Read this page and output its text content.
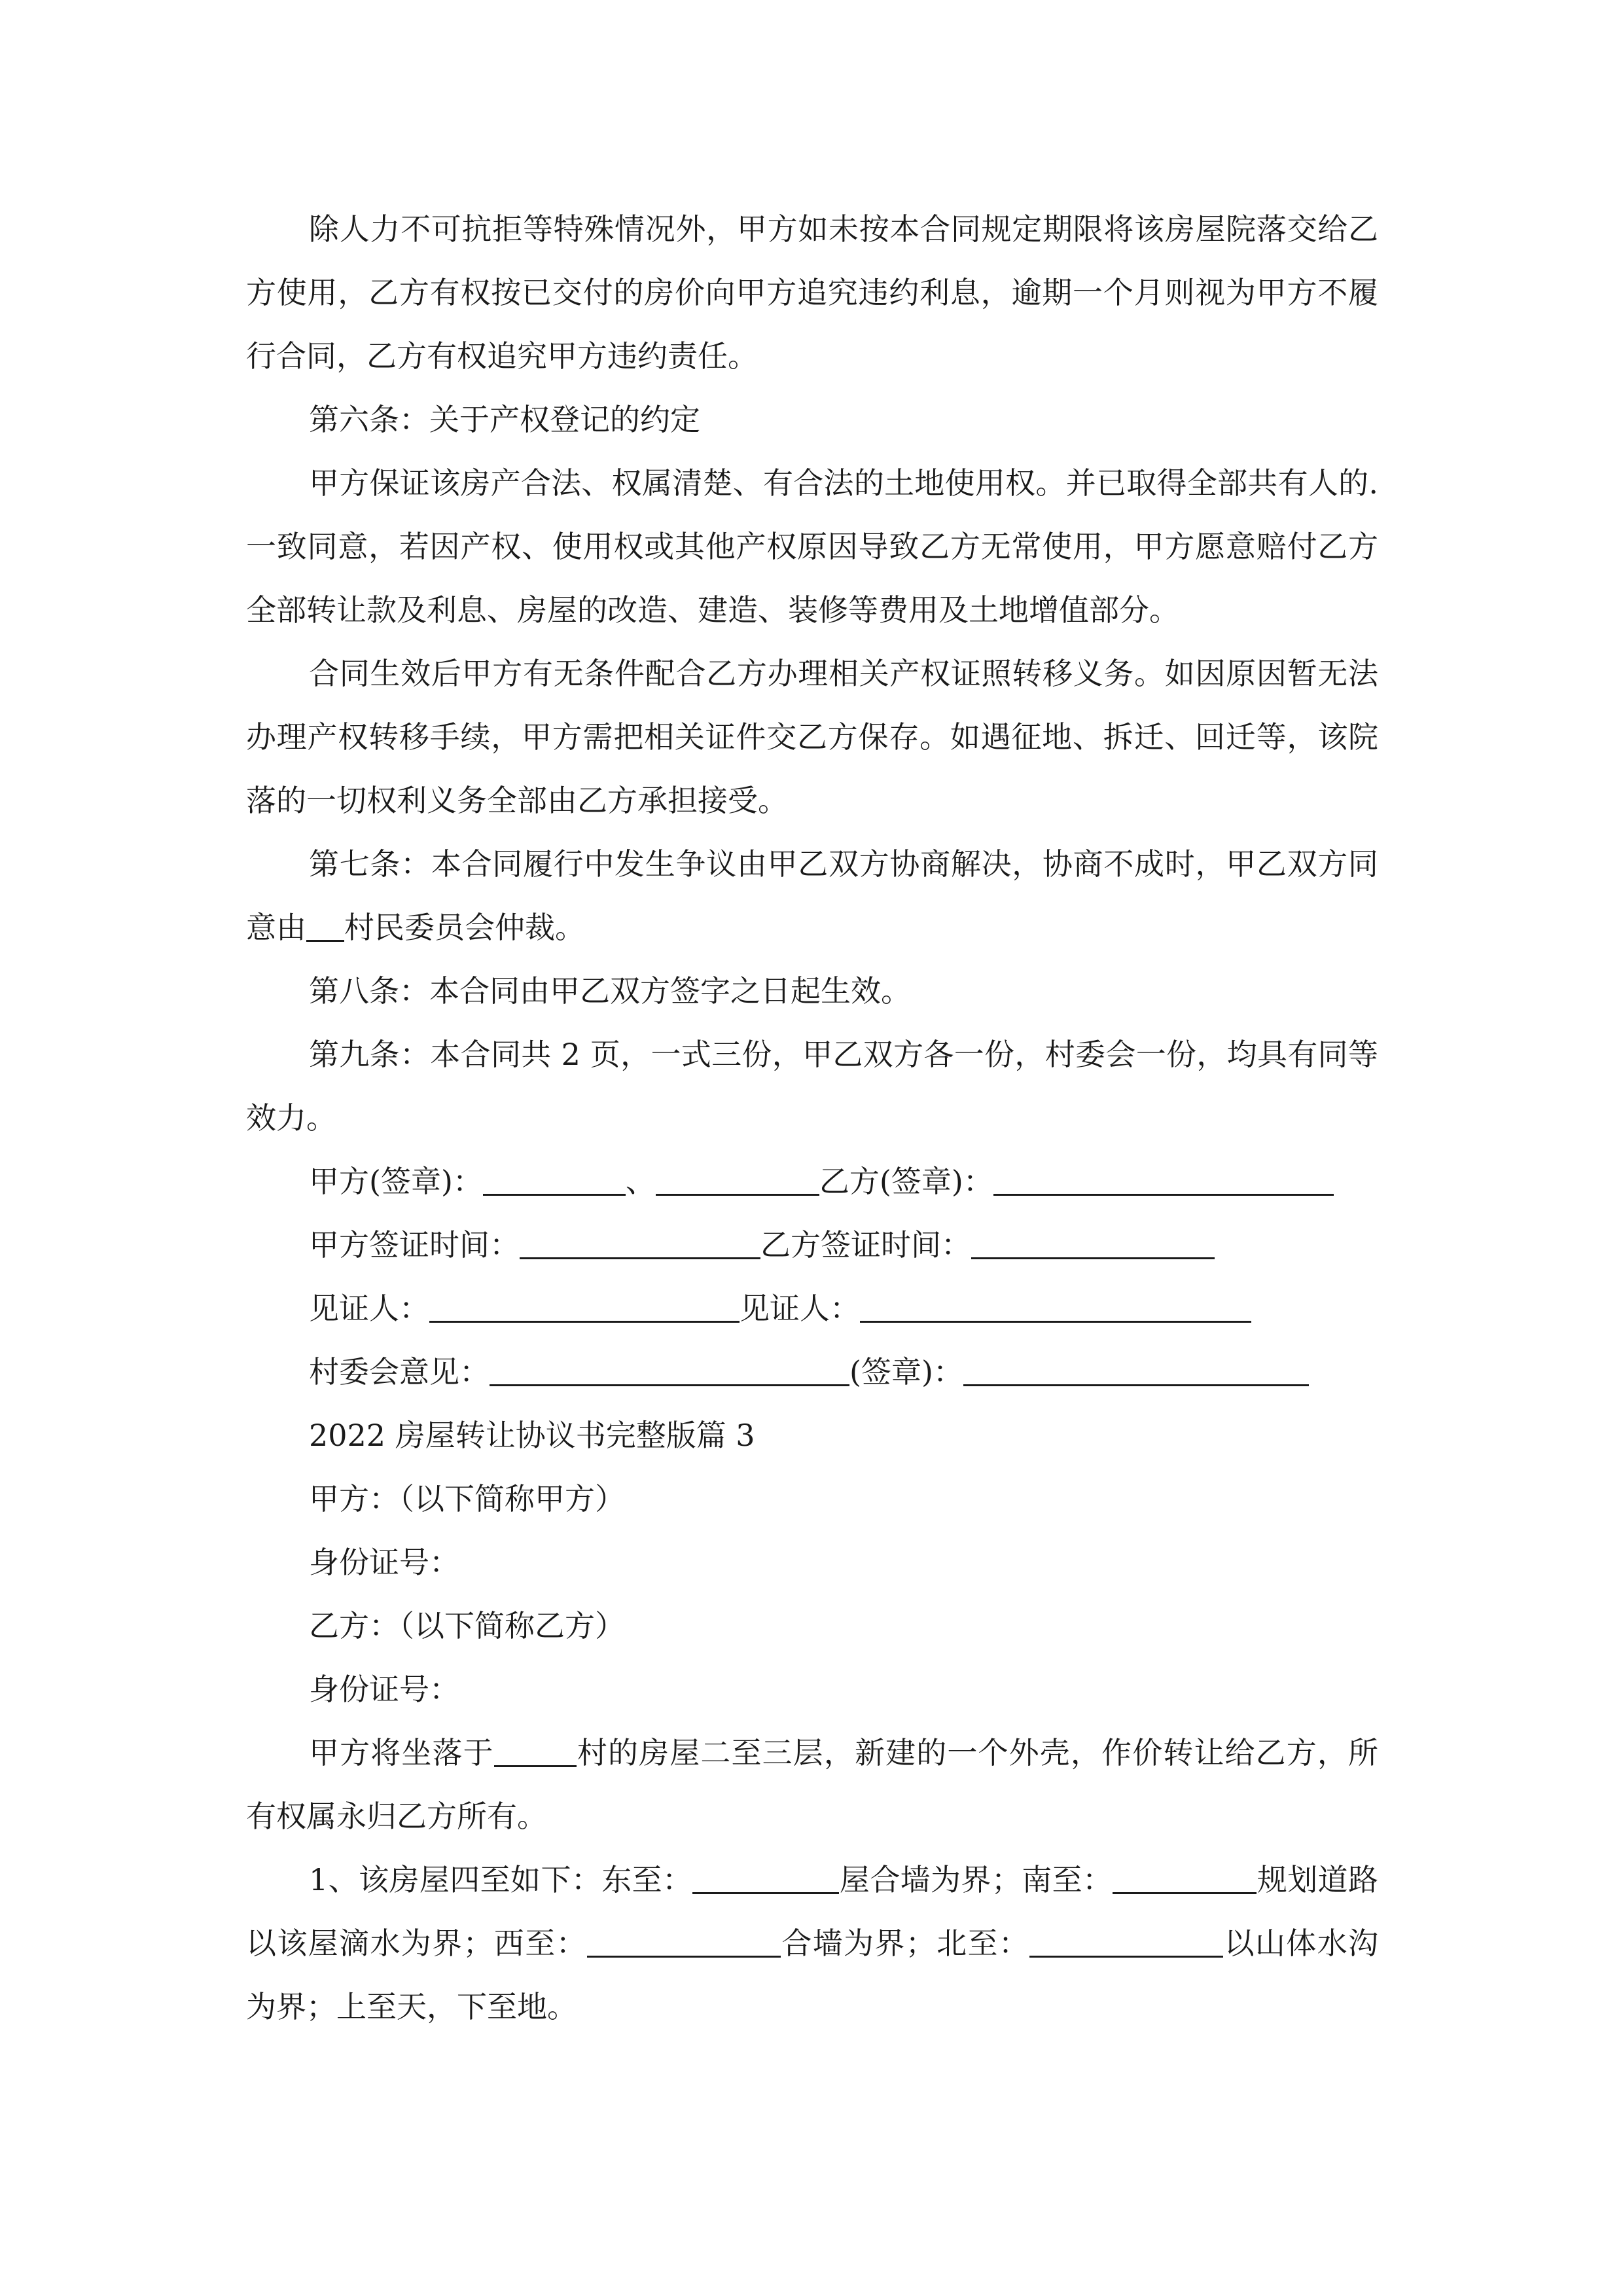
除人力不可抗拒等特殊情况外，甲方如未按本合同规定期限将该房屋院落交给乙方使用，乙方有权按已交付的房价向甲方追究违约利息，逾期一个月则视为甲方不履行合同，乙方有权追究甲方违约责任。

第六条：关于产权登记的约定

甲方保证该房产合法、权属清楚、有合法的土地使用权。并已取得全部共有人的.一致同意，若因产权、使用权或其他产权原因导致乙方无常使用，甲方愿意赔付乙方全部转让款及利息、房屋的改造、建造、装修等费用及土地增值部分。

合同生效后甲方有无条件配合乙方办理相关产权证照转移义务。如因原因暂无法办理产权转移手续，甲方需把相关证件交乙方保存。如遇征地、拆迁、回迁等，该院落的一切权利义务全部由乙方承担接受。

第七条：本合同履行中发生争议由甲乙双方协商解决，协商不成时，甲乙双方同意由 村民委员会仲裁。

第八条：本合同由甲乙双方签字之日起生效。

第九条：本合同共 2 页，一式三份，甲乙双方各一份，村委会一份，均具有同等效力。

甲方(签章)：	、	乙方(签章)：

甲方签证时间：	乙方签证时间：

见证人：	见证人：

村委会意见：	(签章)：

2022 房屋转让协议书完整版篇 3

甲方：（以下简称甲方）

身份证号：

乙方：（以下简称乙方）

身份证号：

甲方将坐落于	村的房屋二至三层，新建的一个外壳，作价转让给乙方，所有权属永归乙方所有。

1、该房屋四至如下：东至：	屋合墙为界；南至：	规划道路以该屋滴水为界；西至：	合墙为界；北至：	以山体水沟为界；上至天，下至地。
